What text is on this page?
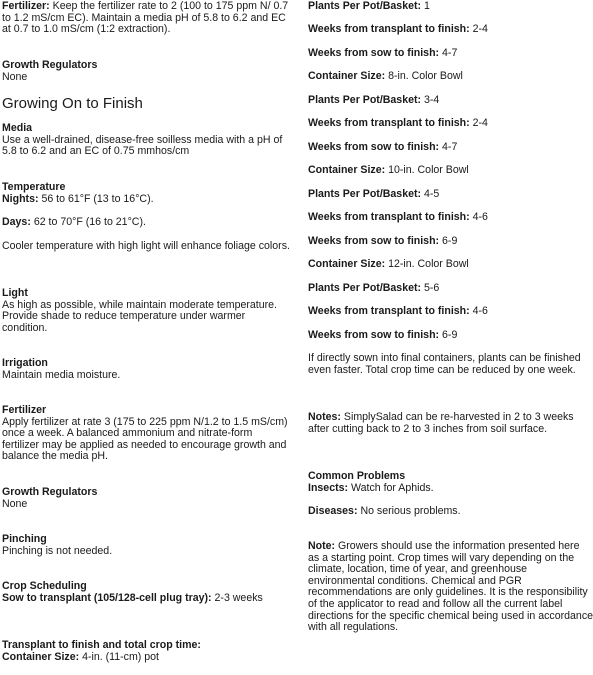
Fertilizer: Keep the fertilizer rate to 2 (100 to 175 ppm N/ 0.7 to 1.2 mS/cm EC). Maintain a media pH of 5.8 to 6.2 and EC at 0.7 to 1.0 mS/cm (1:2 extraction).

Growth Regulators

None

Growing On to Finish

Media

Use a well-drained, disease-free soilless media with a pH of 5.8 to 6.2 and an EC of 0.75 mmhos/cm

Temperature

Nights: 56 to 61°F (13 to 16°C).

Days: 62 to 70°F (16 to 21°C).

Cooler temperature with high light will enhance foliage colors.

Light

As high as possible, while maintain moderate temperature. Provide shade to reduce temperature under warmer condition.

Irrigation

Maintain media moisture.

Fertilizer

Apply fertilizer at rate 3 (175 to 225 ppm N/1.2 to 1.5 mS/cm) once a week. A balanced ammonium and nitrate-form fertilizer may be applied as needed to encourage growth and balance the media pH.

Growth Regulators

None

Pinching

Pinching is not needed.

Crop Scheduling

Sow to transplant (105/128-cell plug tray): 2-3 weeks

Transplant to finish and total crop time:

Container Size: 4-in. (11-cm) pot

Plants Per Pot/Basket: 1

Weeks from transplant to finish: 2-4

Weeks from sow to finish: 4-7

Container Size: 8-in. Color Bowl

Plants Per Pot/Basket: 3-4

Weeks from transplant to finish: 2-4

Weeks from sow to finish: 4-7

Container Size: 10-in. Color Bowl

Plants Per Pot/Basket: 4-5

Weeks from transplant to finish: 4-6

Weeks from sow to finish: 6-9

Container Size: 12-in. Color Bowl

Plants Per Pot/Basket: 5-6

Weeks from transplant to finish: 4-6

Weeks from sow to finish: 6-9

If directly sown into final containers, plants can be finished even faster. Total crop time can be reduced by one week.

Notes: SimplySalad can be re-harvested in 2 to 3 weeks after cutting back to 2 to 3 inches from soil surface.

Common Problems

Insects: Watch for Aphids.

Diseases: No serious problems.

Note: Growers should use the information presented here as a starting point. Crop times will vary depending on the climate, location, time of year, and greenhouse environmental conditions. Chemical and PGR recommendations are only guidelines. It is the responsibility of the applicator to read and follow all the current label directions for the specific chemical being used in accordance with all regulations.
